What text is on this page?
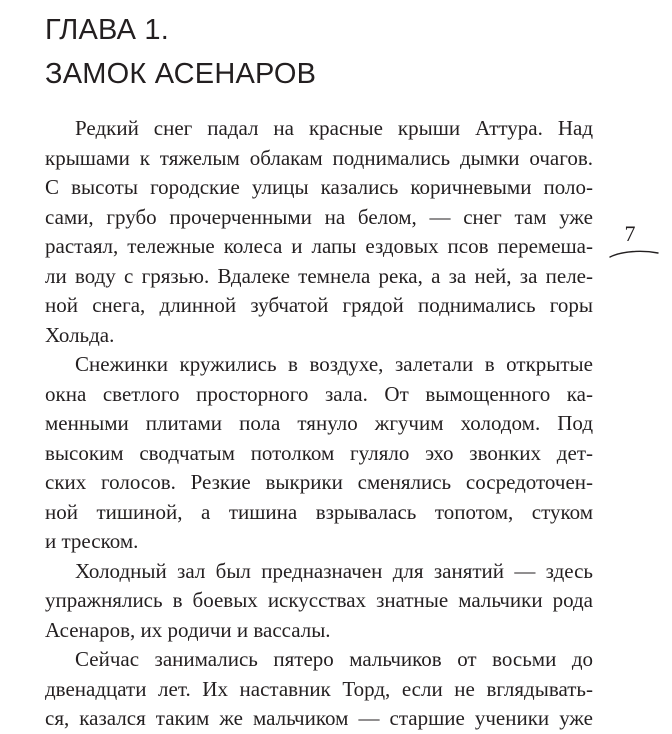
ГЛАВА 1.
ЗАМОК АСЕНАРОВ
7

Редкий снег падал на красные крыши Аттура. Над
крышами к тяжелым облакам поднимались дымки очагов.
С высоты городские улицы казались коричневыми поло-
сами, грубо прочерченными на белом, — снег там уже
растаял, тележные колеса и лапы ездовых псов перемеша-
ли воду с грязью. Вдалеке темнела река, а за ней, за пеле-
ной снега, длинной зубчатой грядой поднимались горы
Хольда.

Снежинки кружились в воздухе, залетали в открытые
окна светлого просторного зала. От вымощенного ка-
менными плитами пола тянуло жгучим холодом. Под
высоким сводчатым потолком гуляло эхо звонких дет-
ских голосов. Резкие выкрики сменялись сосредоточен-
ной тишиной, а тишина взрывалась топотом, стуком
и треском.

Холодный зал был предназначен для занятий — здесь
упражнялись в боевых искусствах знатные мальчики рода
Асенаров, их родичи и вассалы.

Сейчас занимались пятеро мальчиков от восьми до
двенадцати лет. Их наставник Торд, если не вглядывать-
ся, казался таким же мальчиком — старшие ученики уже
